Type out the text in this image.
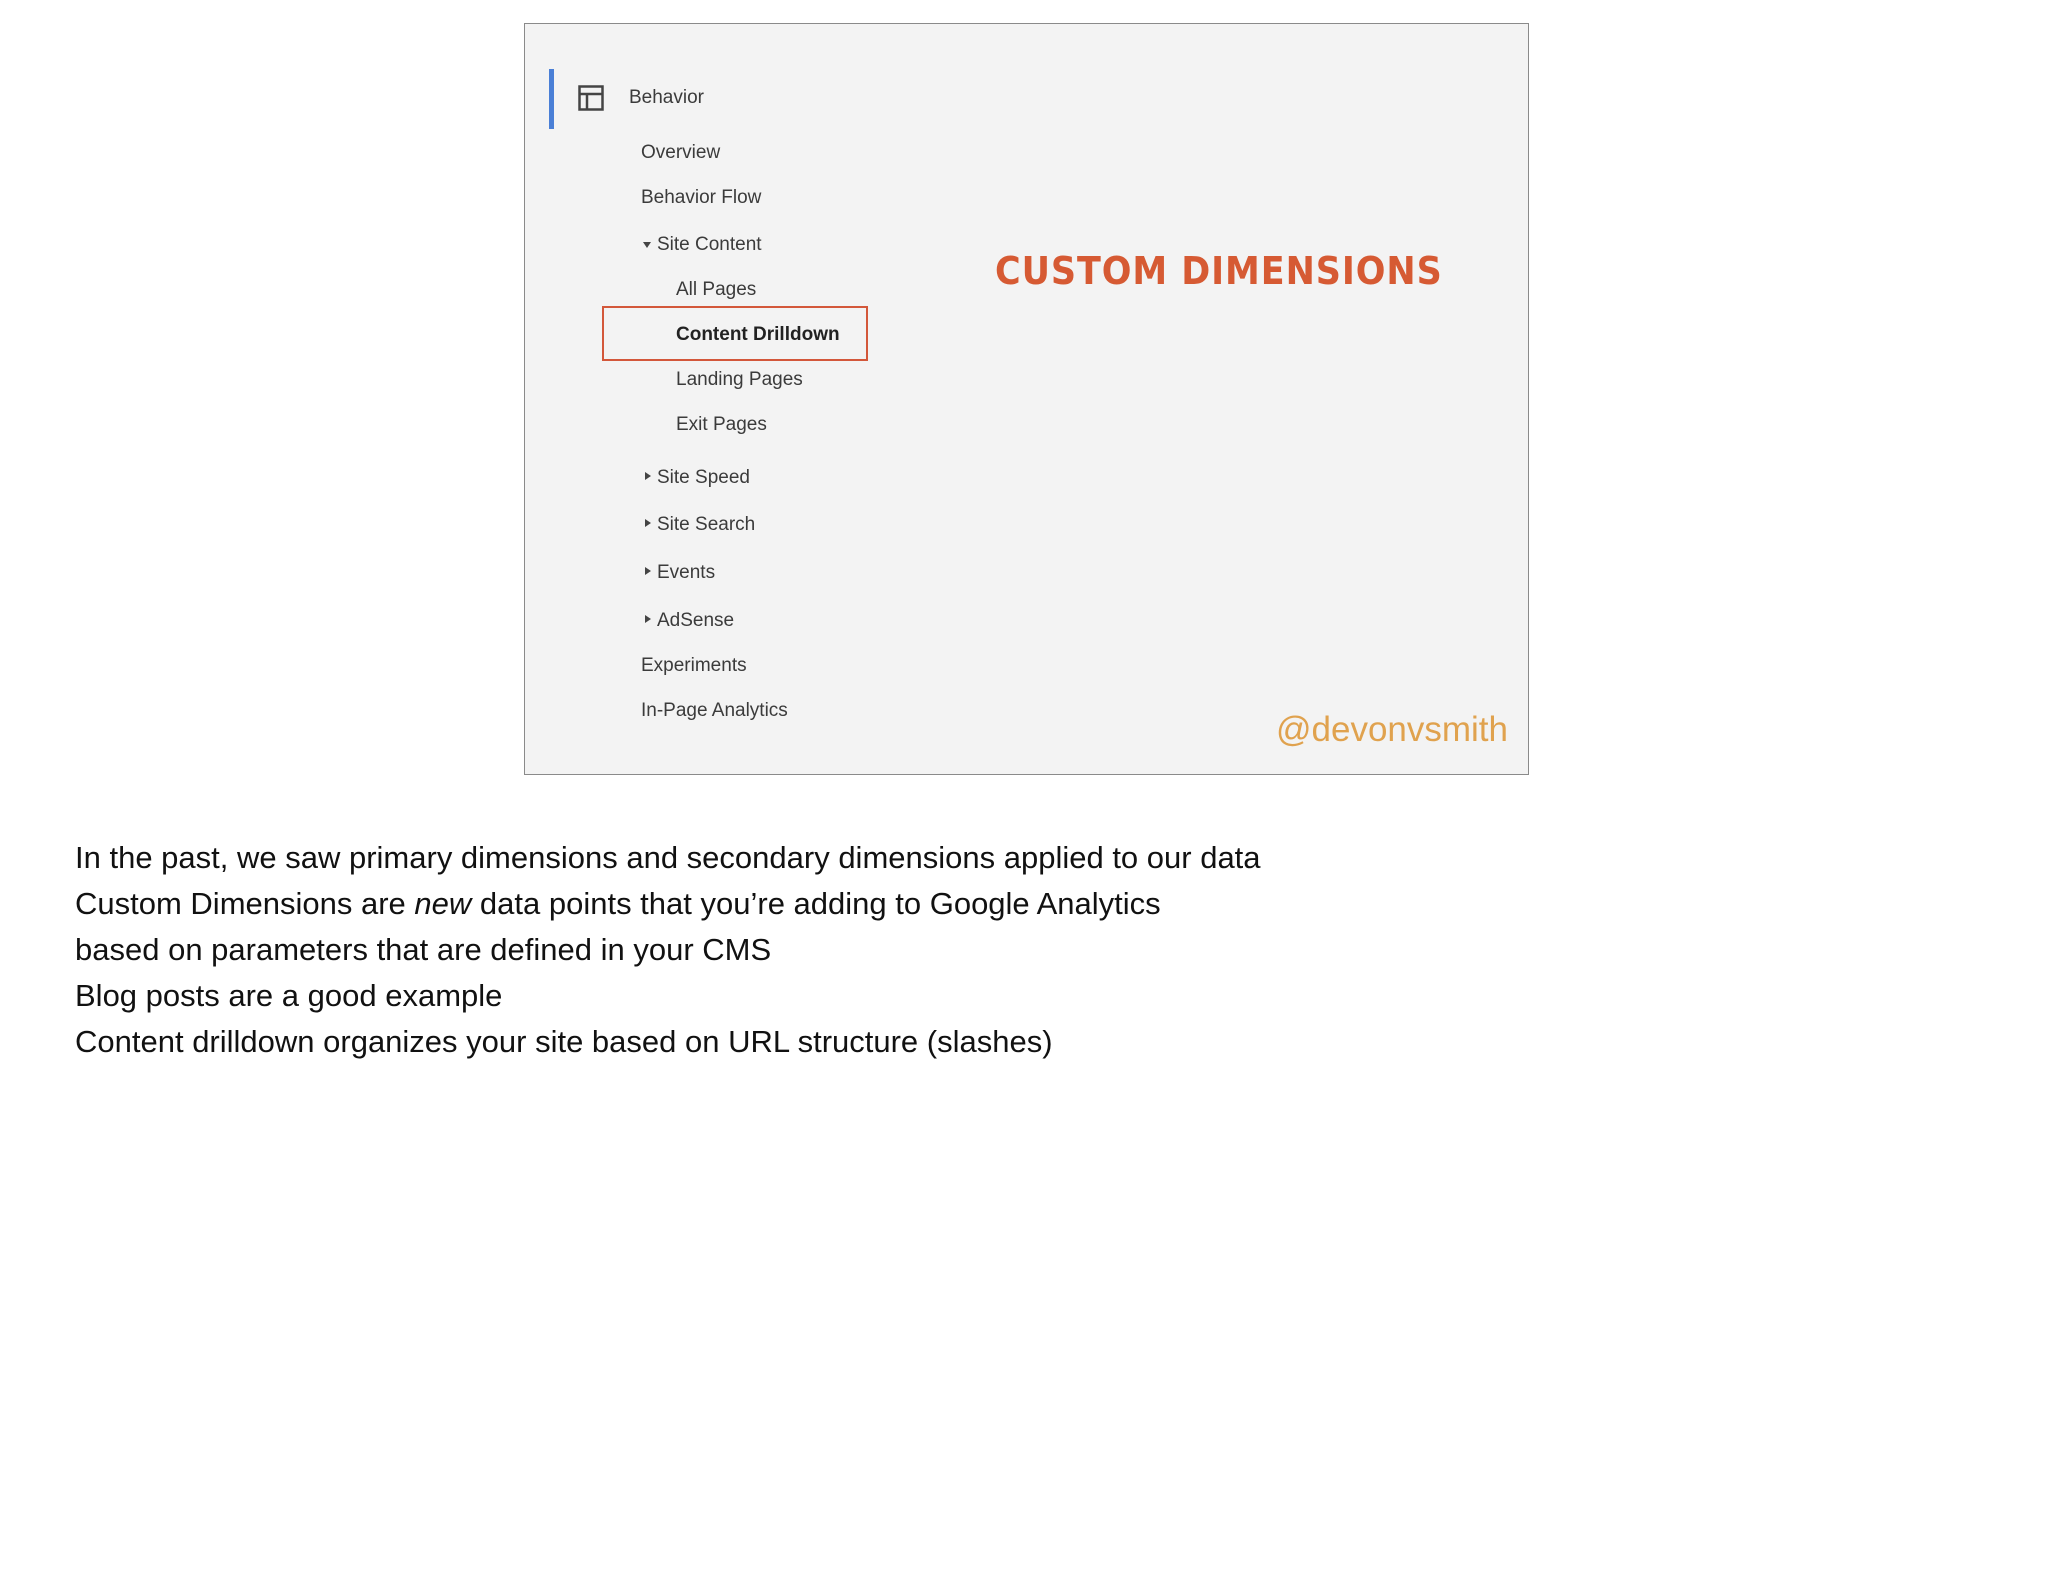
Behavior
Overview
Behavior Flow
Site Content
All Pages
Content Drilldown
Landing Pages
Exit Pages
Site Speed
Site Search
Events
AdSense
Experiments
In-Page Analytics
CUSTOM DIMENSIONS
@devonvsmith
In the past, we saw primary dimensions and secondary dimensions applied to our data
Custom Dimensions are new data points that you’re adding to Google Analytics
based on parameters that are defined in your CMS
Blog posts are a good example
Content drilldown organizes your site based on URL structure (slashes)
